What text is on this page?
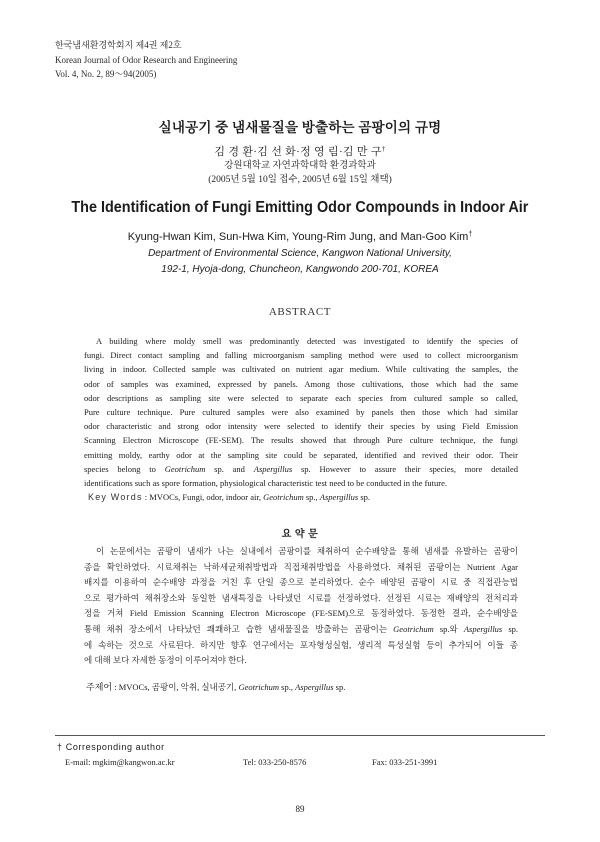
한국냄새환경학회지 제4권 제2호
Korean Journal of Odor Research and Engineering
Vol. 4, No. 2, 89～94(2005)
실내공기 중 냄새물질을 방출하는 곰팡이의 규명
김 경 환·김 선 화·정 영 림·김 만 구†
강원대학교 자연과학대학 환경과학과
(2005년 5월 10일 접수, 2005년 6월 15일 채택)
The Identification of Fungi Emitting Odor Compounds in Indoor Air
Kyung-Hwan Kim, Sun-Hwa Kim, Young-Rim Jung, and Man-Goo Kim†
Department of Environmental Science, Kangwon National University,
192-1, Hyoja-dong, Chuncheon, Kangwondo 200-701, KOREA
ABSTRACT
A building where moldy smell was predominantly detected was investigated to identify the species of
fungi. Direct contact sampling and falling microorganism sampling method were used to collect microorganism
living in indoor. Collected sample was cultivated on nutrient agar medium. While cultivating the samples, the
odor of samples was examined, expressed by panels. Among those cultivations, those which had the same
odor descriptions as sampling site were selected to separate each species from cultured sample so called,
Pure culture technique. Pure cultured samples were also examined by panels then those which had similar
odor characteristic and strong odor intensity were selected to identify their species by using Field Emission
Scanning Electron Microscope (FE-SEM). The results showed that through Pure culture technique, the fungi
emitting moldy, earthy odor at the sampling site could be separated, identified and revived their odor. Their
species belong to Geotrichum sp. and Aspergillus sp. However to assure their species, more detailed
identifications such as spore formation, physiological characteristic test need to be conducted in the future.
Key Words : MVOCs, Fungi, odor, indoor air, Geotrichum sp., Aspergillus sp.
요 약 문
이 논문에서는 곰팡이 냄새가 나는 실내에서 곰팡이를 채취하여 순수배양을 통해 냄새를 유발하는 곰팡이
종을 확인하였다. 시료채취는 낙하세균채취방법과 직접채취방법을 사용하였다. 채취된 곰팡이는 Nutrient Agar
배지를 이용하여 순수배양 과정을 거친 후 단일 종으로 분리하였다. 순수 배양된 곰팡이 시료 중 직접관능법
으로 평가하여 채취장소와 동일한 냄새특징을 나타냈던 시료를 선정하였다. 선정된 시료는 재배양의 전처리과
정을 거쳐 Field Emission Scanning Electron Microscope (FE-SEM)으로 동정하였다. 동정한 결과, 순수배양을
통해 채취 장소에서 나타났던 쾌쾌하고 습한 냄새물질을 방출하는 곰팡이는 Geotrichum sp.와 Aspergillus sp.
에 속하는 것으로 사료된다. 하지만 향후 연구에서는 포자형성실험, 생리적 특성실험 등이 추가되어 이들 종
에 대해 보다 자세한 동정이 이루어져야 한다.
주제어 : MVOCs, 곰팡이, 악취, 실내공기, Geotrichum sp., Aspergillus sp.
† Corresponding author
E-mail: mgkim@kangwon.ac.kr	Tel: 033-250-8576	Fax: 033-251-3991
89
